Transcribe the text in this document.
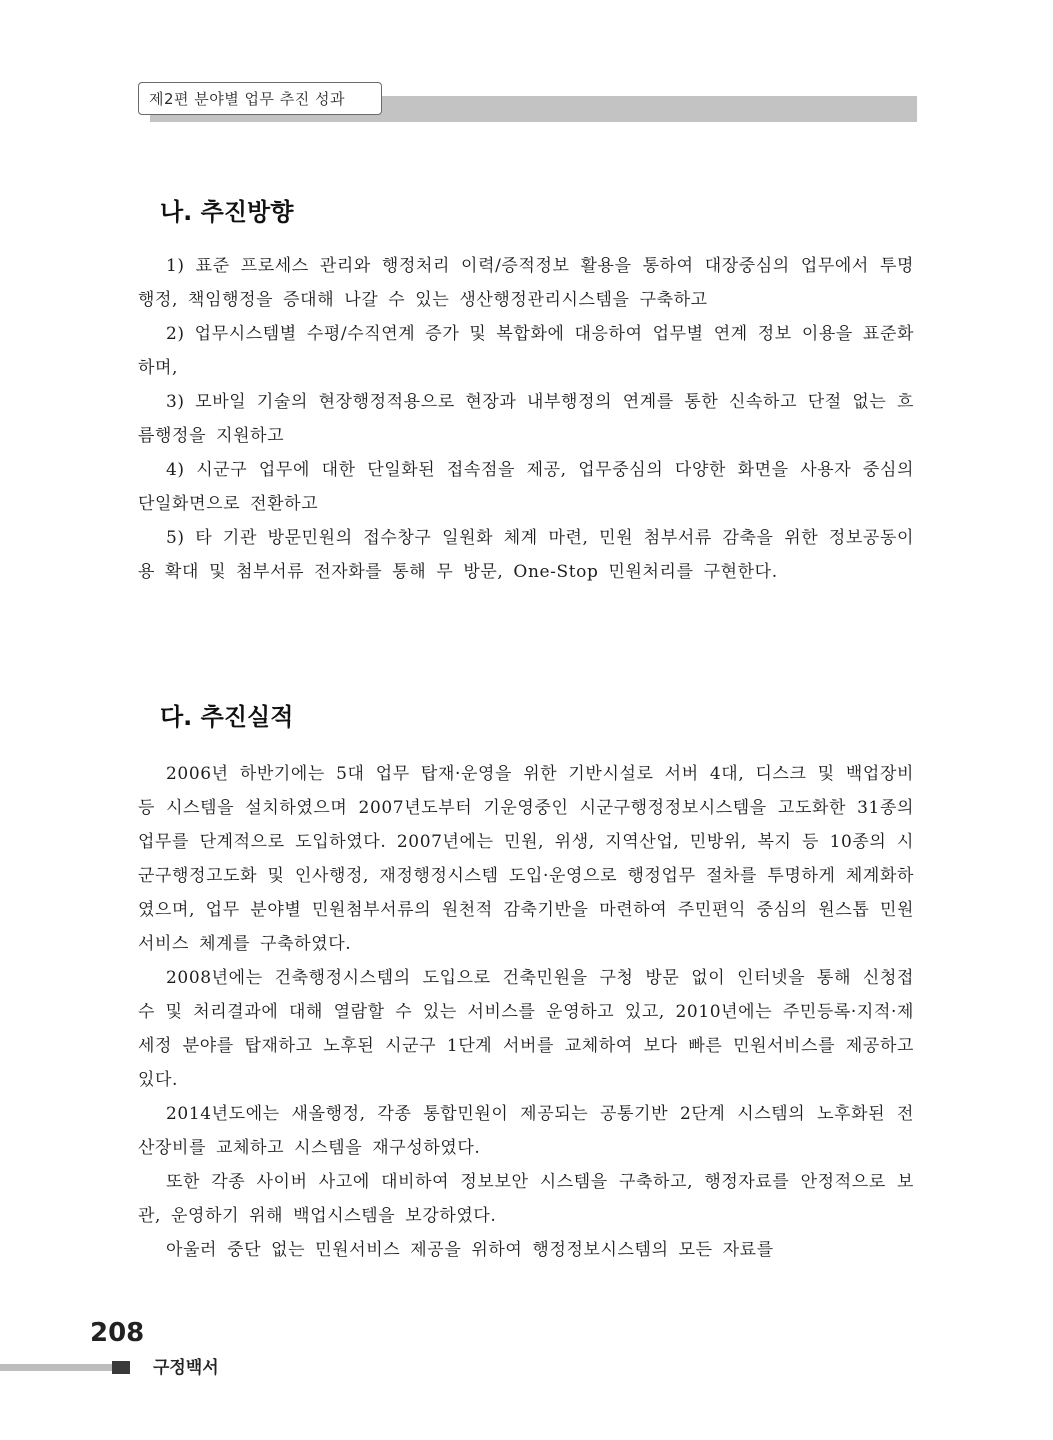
제2편 분야별 업무 추진 성과
나. 추진방향

1) 표준 프로세스 관리와 행정처리 이력/증적정보 활용을 통하여 대장중심의 업무에서 투명행정, 책임행정을 증대해 나갈 수 있는 생산행정관리시스템을 구축하고

2) 업무시스템별 수평/수직연계 증가 및 복합화에 대응하여 업무별 연계 정보 이용을 표준화하며,

3) 모바일 기술의 현장행정적용으로 현장과 내부행정의 연계를 통한 신속하고 단절 없는 흐름행정을 지원하고

4) 시군구 업무에 대한 단일화된 접속점을 제공, 업무중심의 다양한 화면을 사용자 중심의 단일화면으로 전환하고

5) 타 기관 방문민원의 접수창구 일원화 체계 마련, 민원 첨부서류 감축을 위한 정보공동이용 확대 및 첨부서류 전자화를 통해 무 방문, One-Stop 민원처리를 구현한다.

다. 추진실적

2006년 하반기에는 5대 업무 탑재·운영을 위한 기반시설로 서버 4대, 디스크 및 백업장비 등 시스템을 설치하였으며 2007년도부터 기운영중인 시군구행정정보시스템을 고도화한 31종의 업무를 단계적으로 도입하였다. 2007년에는 민원, 위생, 지역산업, 민방위, 복지 등 10종의 시군구행정고도화 및 인사행정, 재정행정시스템 도입·운영으로 행정업무 절차를 투명하게 체계화하였으며, 업무 분야별 민원첨부서류의 원천적 감축기반을 마련하여 주민편익 중심의 원스톱 민원서비스 체계를 구축하였다.

2008년에는 건축행정시스템의 도입으로 건축민원을 구청 방문 없이 인터넷을 통해 신청접수 및 처리결과에 대해 열람할 수 있는 서비스를 운영하고 있고, 2010년에는 주민등록·지적·제세정 분야를 탑재하고 노후된 시군구 1단계 서버를 교체하여 보다 빠른 민원서비스를 제공하고 있다.

2014년도에는 새올행정, 각종 통합민원이 제공되는 공통기반 2단계 시스템의 노후화된 전산장비를 교체하고 시스템을 재구성하였다.

또한 각종 사이버 사고에 대비하여 정보보안 시스템을 구축하고, 행정자료를 안정적으로 보관, 운영하기 위해 백업시스템을 보강하였다.

아울러 중단 없는 민원서비스 제공을 위하여 행정정보시스템의 모든 자료를

208
구정백서
